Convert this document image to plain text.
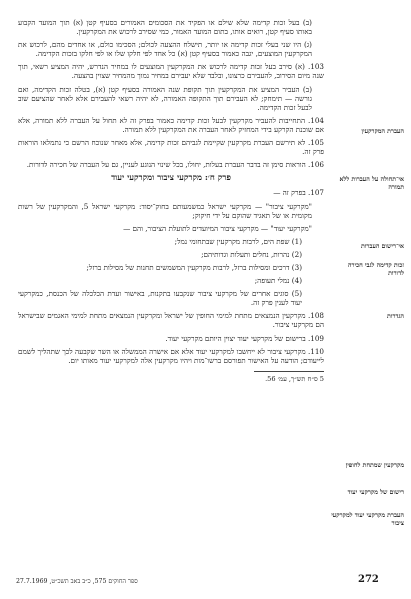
(ב) בעל זכות קדימה שלא שילם או הפקיד את הסכומים האמורים בסעיף קטן (א) תוך המועד הקבוע באותו סעיף קטן, רואים אותו, בתום המועד האמור, כמי שסירב לרכוש את המקרקעין.
(ג) היו שני בעלי זכות קדימה או יותר, תישלח ההצעה לכולם; הסכימו כולם, או אחדים מהם, לרכוש את המקרקעין המוצעים, יגבה כאמור בסעיף קטן (א) כל אחד לפי חלקו שלו או לפי חלקו בזכות הקדימה.
103. (א) סירב בעל זכות קדימה לרכוש את המקרקעין המוצעים לו במחיר הנדרש, יהיה המציע רשאי, תוך שנה מיום הסירוב, להעבירם כרצונו, ובלבד שלא יעבירם במחיר נמוך מהמחיר שצוין בהצעה.
(ב) העביר המציע את המקרקעין תוך תקופת שנה האמורה בסעיף קטן (א), בטלה זכות הקדימה, ואם גורשה — תימחק; לא העבירם תוך התקופה האמורה, לא יהיה רשאי להעבירם אלא לאחר שהציעם שוב לבעל זכות הקדימה.
104. התחייבות להעביר מקרקעין לבעל זכות קדימה כאמור בפרק זה לא תחול על העברה ללא תמורה, אלא אם שוכנת הקרקע בידי המחזיק לאחר העברה את המקרקעין ללא תמורה.
105. לא תירשם העברת מקרקעין שקיימת לגביהם זכות קדימה, אלא מאחר שנוכח הרשם כי נתמלאו הוראות פרק זה.
106. הוראות סימן זה בדבר העברת בעלות, יחולו, בכל שינוי הנוגע לעניין, גם על העברה של חכירה לדורות.
פרק ח׳: מקרקעי ציבור ומקרקעי יעוד
107. בפרק זה —
"מקרקעי ציבור" — מקרקעי ישראל כמשמעותם בחוק־יסוד: מקרקעי ישראל 5, והמקרקעין של רשות מקומית או של תאגיד שהוקם על ידי חיקוק;
"מקרקעי יעוד" — מקרקעי ציבור המיועדים לתועלת הציבור, והם —
(1) שפת הים, לרבות מקרקעין שבתחומי נמל;
(2) נהרות, נחלים ותעלות וגדותיהם;
(3) דרכים ומסילות ברזל, לרבות מקרקעין המשמשים תחנות של מסילות ברזל;
(4) נמלי תעופה;
(5) סוגים אחרים של מקרקעי ציבור שנקבעו בתקנות, באישור ועדת הכלכלה של הכנסת, כמקרקעי יעוד לענין פרק זה.
108. מקרקעין הנמצאים מתחת למימי החופין של ישראל ומקרקעין הנמצאים מתחת למימי האגמים שבישראל הם מקרקעי ציבור.
109. ברישום של מקרקעי יעוד יצוין היותם מקרקעי יעוד.
110. מקרקעי ציבור לא ייחשבו למקרקעי יעוד אלא אם אישרה הממשלה או השר שקבעה לכך שתהליך לשמם לייעודם; הודעה על האישור תפורסם ברשו־מות ויהיו מקרקעין אלה למקרקעי יעוד מאותו יום.
5 ס״ח תש״ך, עמ׳ 56.
העברת המקרקעין
אי־תחולה על העברות ללא תמורה
אי־רישום העברות
זכות קדימה לגבי חכירה לדורות
הגדרות
מקרקעין שמתחת לחופין
רישום של מקרקעי יעוד
העברת מקרקעי יעוד למקרקעי ציבור
ספר החוקים 575, כ״ב באב תשכ״ט, 27.7.1969	272
